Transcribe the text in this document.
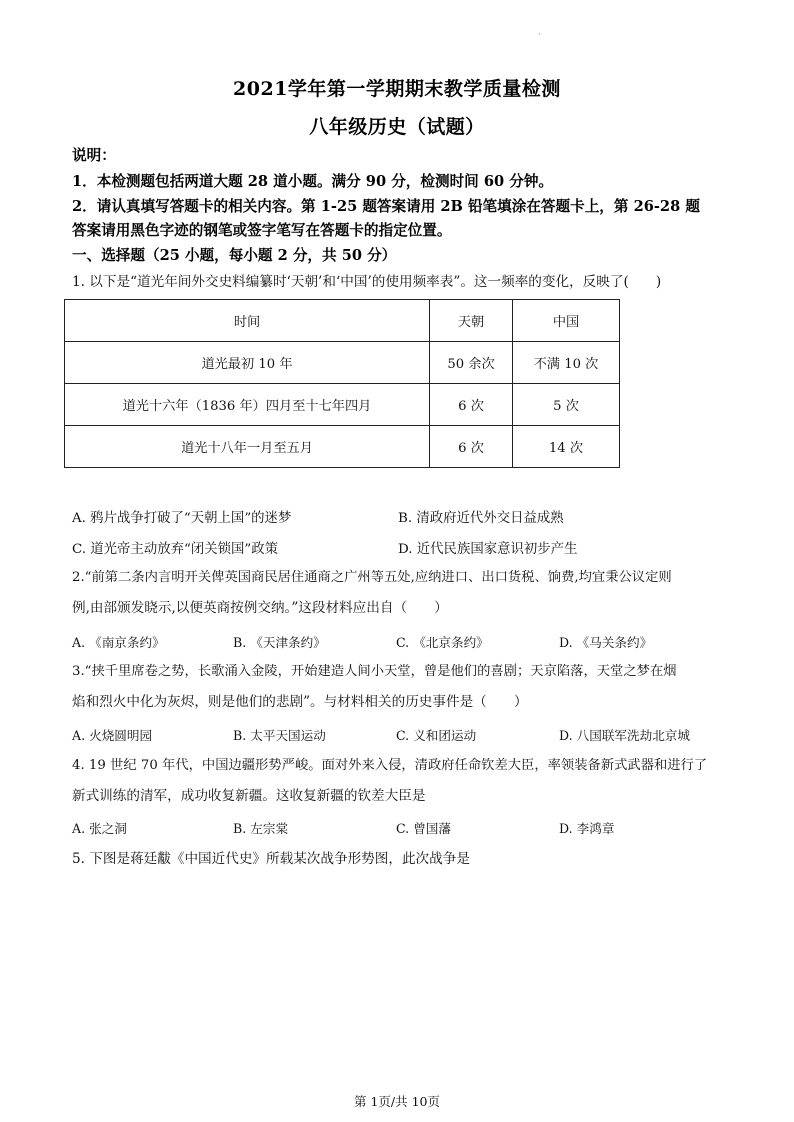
·
2021学年第一学期期末教学质量检测
八年级历史（试题）
说明：
1．本检测题包括两道大题 28 道小题。满分 90 分，检测时间 60 分钟。
2．请认真填写答题卡的相关内容。第 1-25 题答案请用 2B 铅笔填涂在答题卡上，第 26-28 题
答案请用黑色字迹的钢笔或签字笔写在答题卡的指定位置。
一、选择题（25 小题，每小题 2 分，共 50 分）
1. 以下是“道光年间外交史料编纂时‘天朝’和‘中国’的使用频率表”。这一频率的变化，反映了(　　)
时间	天朝	中国
道光最初 10 年	50 余次	不满 10 次
道光十六年（1836 年）四月至十七年四月	6 次	5 次
道光十八年一月至五月	6 次	14 次
A. 鸦片战争打破了“天朝上国”的迷梦	B. 清政府近代外交日益成熟
C. 道光帝主动放弃“闭关锁国”政策	D. 近代民族国家意识初步产生
2.“前第二条内言明开关俾英国商民居住通商之广州等五处,应纳进口、出口货税、饷费,均宜秉公议定则
例,由部颁发晓示,以便英商按例交纳。”这段材料应出自（　　）
A. 《南京条约》	B. 《天津条约》	C. 《北京条约》	D. 《马关条约》
3.“挟千里席卷之势，长歌涌入金陵，开始建造人间小天堂，曾是他们的喜剧；天京陷落，天堂之梦在烟
焰和烈火中化为灰烬，则是他们的悲剧”。与材料相关的历史事件是（　　）
A. 火烧圆明园	B. 太平天国运动	C. 义和团运动	D. 八国联军洗劫北京城
4. 19 世纪 70 年代，中国边疆形势严峻。面对外来入侵，清政府任命钦差大臣，率领装备新式武器和进行了
新式训练的清军，成功收复新疆。这收复新疆的钦差大臣是
A. 张之洞	B. 左宗棠	C. 曾国藩	D. 李鸿章
5. 下图是蒋廷黻《中国近代史》所载某次战争形势图，此次战争是
第 1页/共 10页
